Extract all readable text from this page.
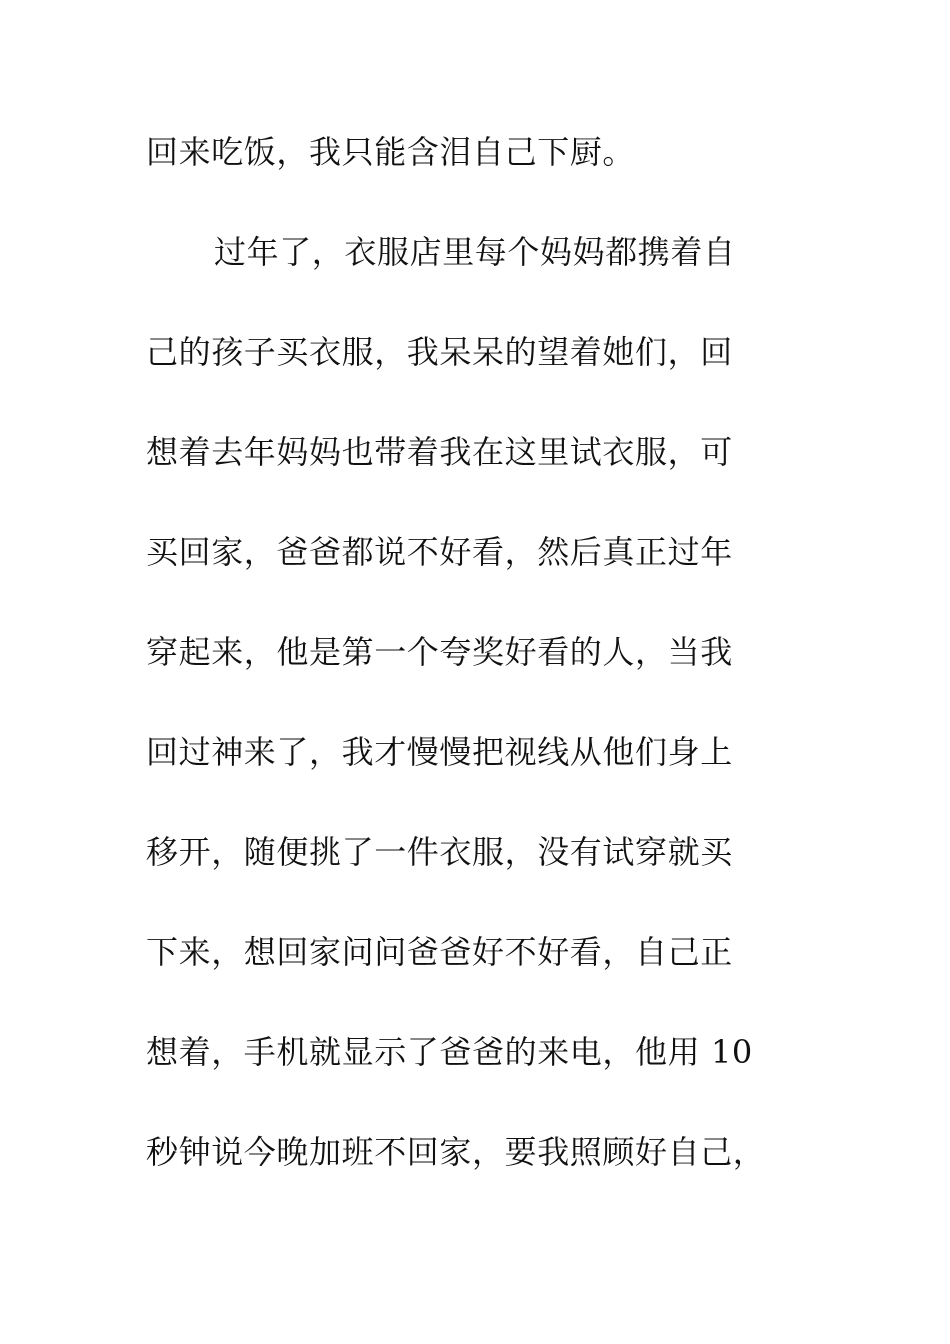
回来吃饭，我只能含泪自己下厨。
过年了，衣服店里每个妈妈都携着自
己的孩子买衣服，我呆呆的望着她们，回
想着去年妈妈也带着我在这里试衣服，可
买回家，爸爸都说不好看，然后真正过年
穿起来，他是第一个夸奖好看的人，当我
回过神来了，我才慢慢把视线从他们身上
移开，随便挑了一件衣服，没有试穿就买
下来，想回家问问爸爸好不好看，自己正
想着，手机就显示了爸爸的来电，他用 10
秒钟说今晚加班不回家，要我照顾好自己，
